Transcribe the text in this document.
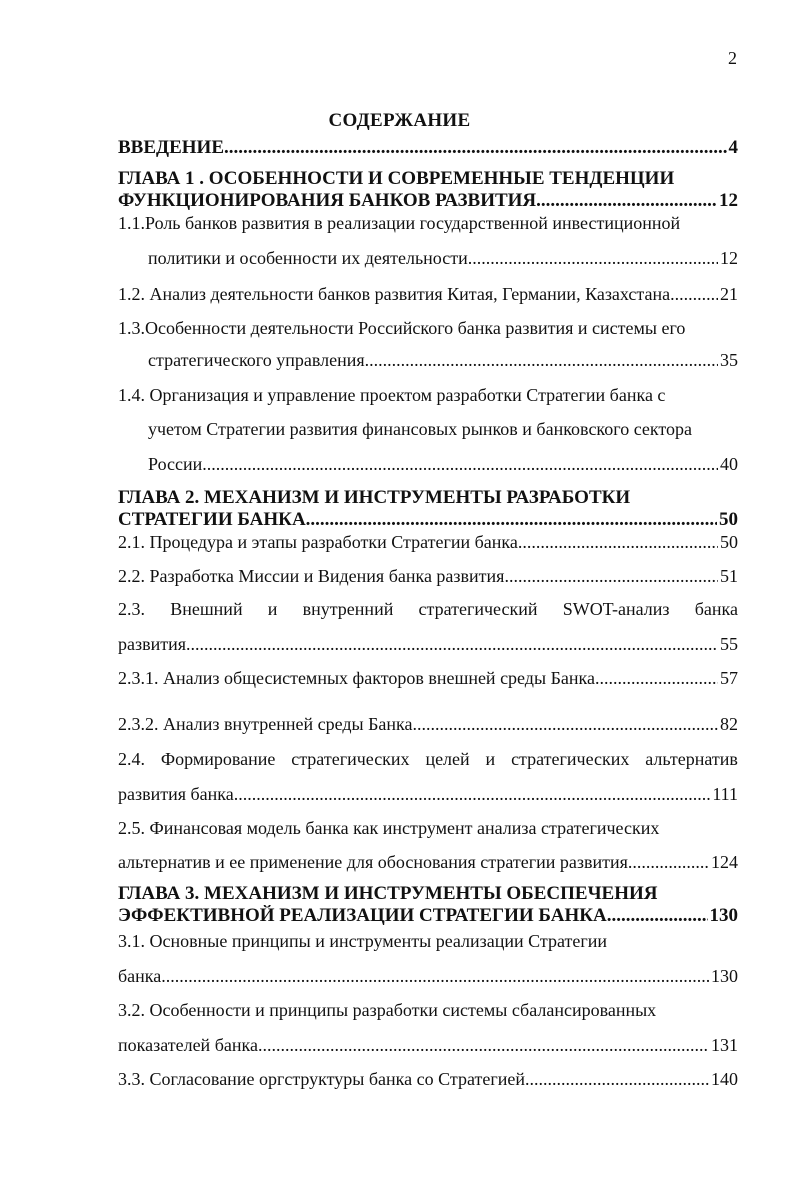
2
СОДЕРЖАНИЕ
ВВЕДЕНИЕ .....	4
ГЛАВА 1 . ОСОБЕННОСТИ И СОВРЕМЕННЫЕ ТЕНДЕНЦИИ
ФУНКЦИОНИРОВАНИЯ БАНКОВ РАЗВИТИЯ .....	12
1.1.Роль банков развития в реализации государственной инвестиционной
политики и особенности их деятельности .....	12
1.2. Анализ деятельности банков развития Китая, Германии, Казахстана .....	21
1.3.Особенности деятельности Российского банка развития и системы его
стратегического управления .....	35
1.4. Организация и управление проектом разработки Стратегии банка с
учетом Стратегии развития финансовых рынков и банковского сектора
России .....	40
ГЛАВА 2. МЕХАНИЗМ И ИНСТРУМЕНТЫ РАЗРАБОТКИ
СТРАТЕГИИ БАНКА .....	50
2.1. Процедура и этапы разработки Стратегии банка .....	50
2.2. Разработка Миссии и Видения банка развития .....	51
2.3. Внешний и внутренний стратегический SWOT-анализ банка
развития .....	55
2.3.1. Анализ общесистемных факторов внешней среды Банка .....	57
2.3.2. Анализ внутренней среды Банка .....	82
2.4. Формирование стратегических целей и стратегических альтернатив
развития банка .....	111
2.5. Финансовая модель банка как инструмент анализа стратегических
альтернатив и ее применение для обоснования стратегии развития .....	124
ГЛАВА 3. МЕХАНИЗМ И ИНСТРУМЕНТЫ ОБЕСПЕЧЕНИЯ
ЭФФЕКТИВНОЙ РЕАЛИЗАЦИИ СТРАТЕГИИ БАНКА .....	130
3.1. Основные принципы и инструменты реализации Стратегии
банка .....	130
3.2. Особенности и принципы разработки системы сбалансированных
показателей банка .....	131
3.3. Согласование оргструктуры банка со Стратегией .....	140
